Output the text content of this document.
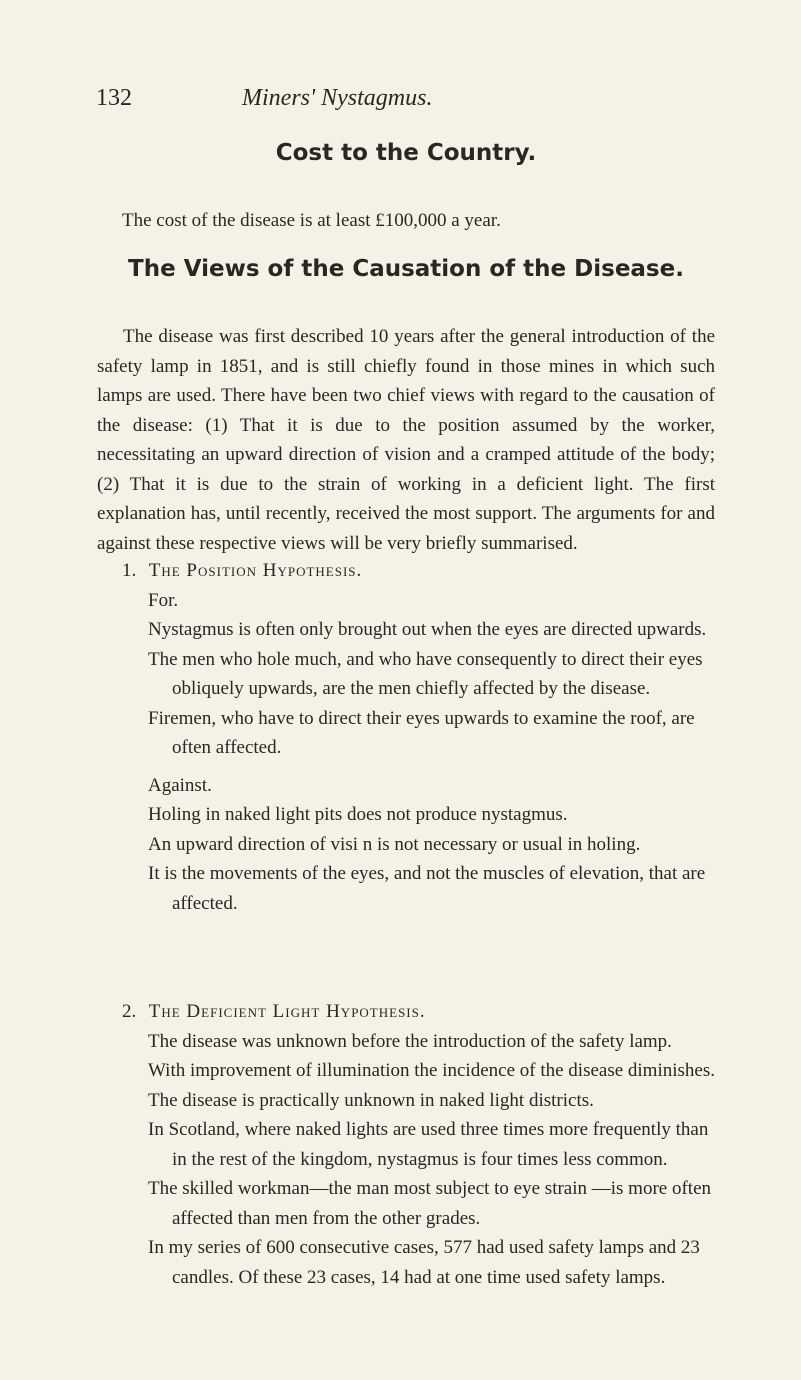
132	Miners' Nystagmus.
Cost to the Country.
The cost of the disease is at least £100,000 a year.
The Views of the Causation of the Disease.

The disease was first described 10 years after the general introduction of the safety lamp in 1851, and is still chiefly found in those mines in which such lamps are used. There have been two chief views with regard to the causation of the disease: (1) That it is due to the position assumed by the worker, necessitating an upward direction of vision and a cramped attitude of the body; (2) That it is due to the strain of working in a deficient light. The first explanation has, until recently, received the most support. The arguments for and against these respective views will be very briefly summarised.

1. The Position Hypothesis.
For.
Nystagmus is often only brought out when the eyes are directed upwards.
The men who hole much, and who have consequently to direct their eyes obliquely upwards, are the men chiefly affected by the disease.
Firemen, who have to direct their eyes upwards to examine the roof, are often affected.
Against.
Holing in naked light pits does not produce nystagmus.
An upward direction of visi n is not necessary or usual in holing.
It is the movements of the eyes, and not the muscles of elevation, that are affected.
2. The Deficient Light Hypothesis.
The disease was unknown before the introduction of the safety lamp.
With improvement of illumination the incidence of the disease diminishes.
The disease is practically unknown in naked light districts.
In Scotland, where naked lights are used three times more frequently than in the rest of the kingdom, nystagmus is four times less common.
The skilled workman—the man most subject to eye strain —is more often affected than men from the other grades.
In my series of 600 consecutive cases, 577 had used safety lamps and 23 candles. Of these 23 cases, 14 had at one time used safety lamps.
